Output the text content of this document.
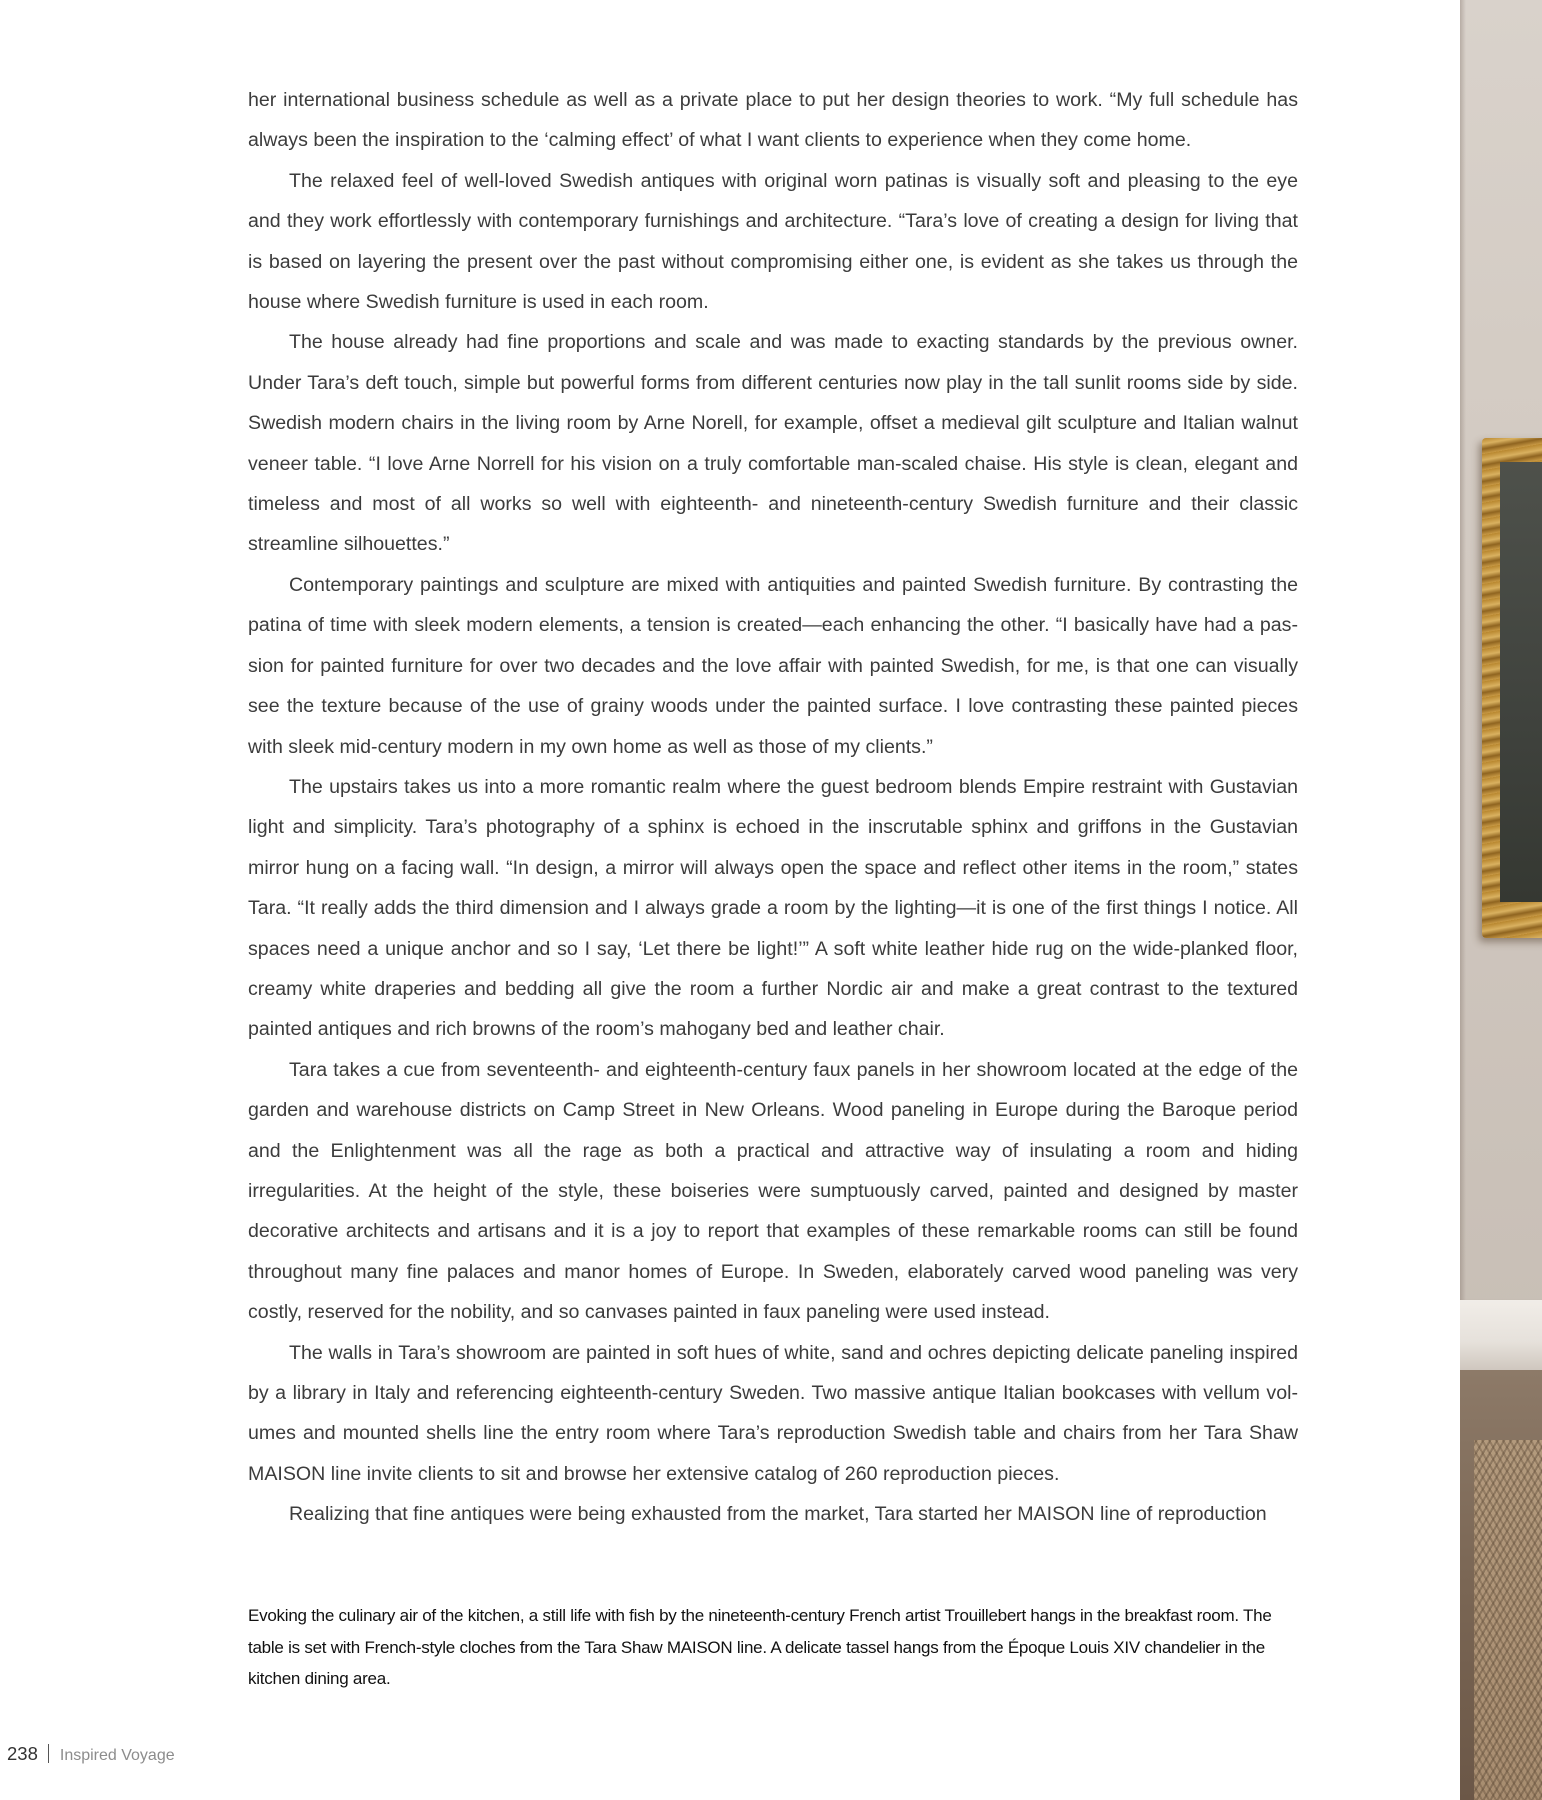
her international business schedule as well as a private place to put her design theories to work. “My full schedule has always been the inspiration to the ‘calming effect’ of what I want clients to experience when they come home.

The relaxed feel of well-loved Swedish antiques with original worn patinas is visually soft and pleasing to the eye and they work effortlessly with contemporary furnishings and architecture. “Tara’s love of creating a design for living that is based on layering the present over the past without compromising either one, is evident as she takes us through the house where Swedish furniture is used in each room.

The house already had fine proportions and scale and was made to exacting standards by the previous owner. Under Tara’s deft touch, simple but powerful forms from different centuries now play in the tall sunlit rooms side by side. Swedish modern chairs in the living room by Arne Norell, for example, offset a medieval gilt sculpture and Italian walnut veneer table. “I love Arne Norrell for his vision on a truly comfortable man-scaled chaise. His style is clean, elegant and timeless and most of all works so well with eighteenth- and nineteenth-century Swedish furniture and their classic streamline silhouettes.”

Contemporary paintings and sculpture are mixed with antiquities and painted Swedish furniture. By contrasting the patina of time with sleek modern elements, a tension is created—each enhancing the other. “I basically have had a passion for painted furniture for over two decades and the love affair with painted Swedish, for me, is that one can visually see the texture because of the use of grainy woods under the painted surface. I love contrasting these painted pieces with sleek mid-century modern in my own home as well as those of my clients.”

The upstairs takes us into a more romantic realm where the guest bedroom blends Empire restraint with Gustavian light and simplicity. Tara’s photography of a sphinx is echoed in the inscrutable sphinx and griffons in the Gustavian mirror hung on a facing wall. “In design, a mirror will always open the space and reflect other items in the room,” states Tara. “It really adds the third dimension and I always grade a room by the lighting—it is one of the first things I notice. All spaces need a unique anchor and so I say, ‘Let there be light!’” A soft white leather hide rug on the wide-planked floor, creamy white draperies and bedding all give the room a further Nordic air and make a great contrast to the textured painted antiques and rich browns of the room’s mahogany bed and leather chair.

Tara takes a cue from seventeenth- and eighteenth-century faux panels in her showroom located at the edge of the garden and warehouse districts on Camp Street in New Orleans. Wood paneling in Europe during the Baroque period and the Enlightenment was all the rage as both a practical and attractive way of insulating a room and hiding irregularities. At the height of the style, these boiseries were sumptuously carved, painted and designed by master decorative architects and artisans and it is a joy to report that examples of these remarkable rooms can still be found throughout many fine palaces and manor homes of Europe. In Sweden, elaborately carved wood paneling was very costly, reserved for the nobility, and so canvases painted in faux paneling were used instead.

The walls in Tara’s showroom are painted in soft hues of white, sand and ochres depicting delicate paneling inspired by a library in Italy and referencing eighteenth-century Sweden. Two massive antique Italian bookcases with vellum volumes and mounted shells line the entry room where Tara’s reproduction Swedish table and chairs from her Tara Shaw MAISON line invite clients to sit and browse her extensive catalog of 260 reproduction pieces.

Realizing that fine antiques were being exhausted from the market, Tara started her MAISON line of reproduction

Evoking the culinary air of the kitchen, a still life with fish by the nineteenth-century French artist Trouillebert hangs in the breakfast room. The table is set with French-style cloches from the Tara Shaw MAISON line. A delicate tassel hangs from the Époque Louis XIV chandelier in the kitchen dining area.
238 Inspired Voyage
